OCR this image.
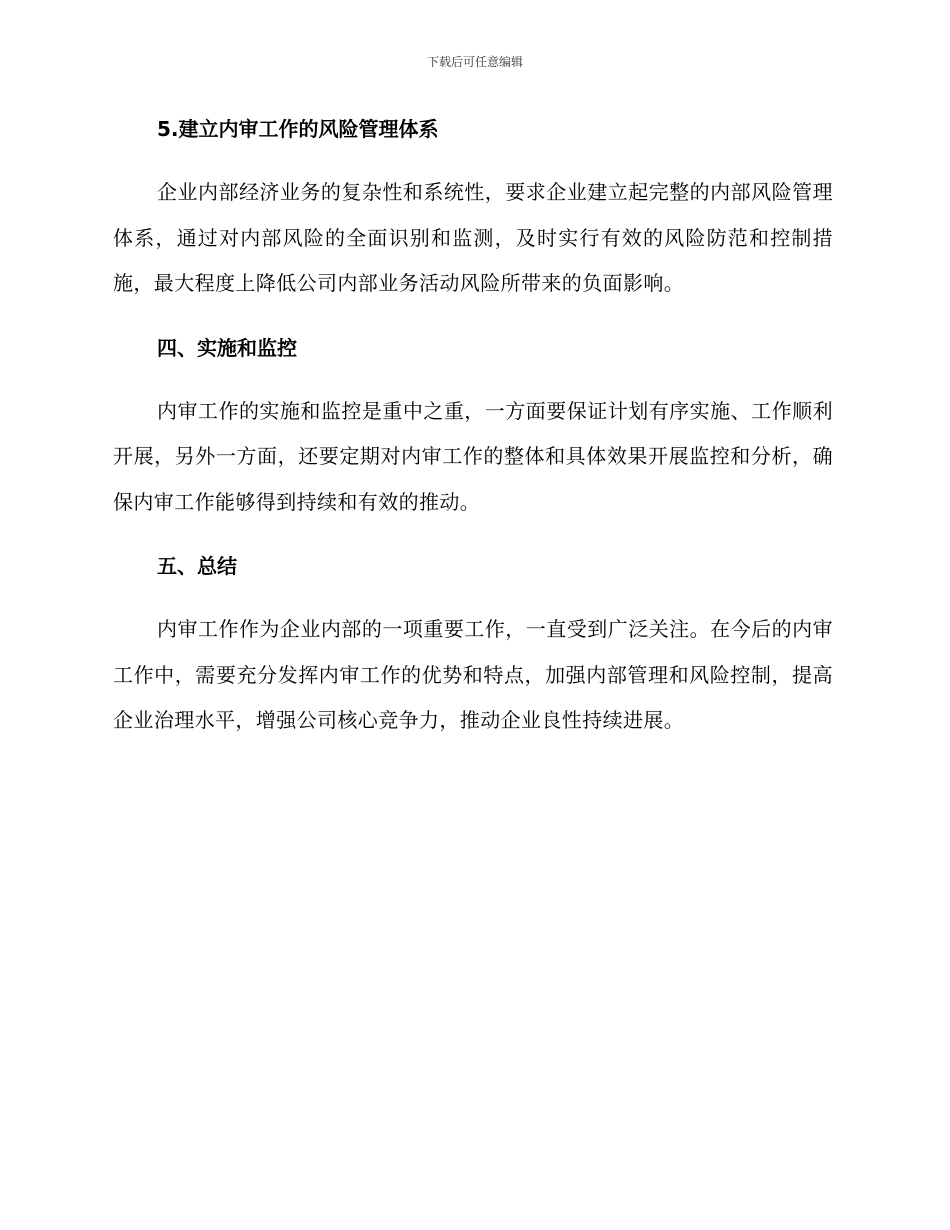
下载后可任意编辑
5.建立内审工作的风险管理体系

企业内部经济业务的复杂性和系统性，要求企业建立起完整的内部风险管理体系，通过对内部风险的全面识别和监测，及时实行有效的风险防范和控制措施，最大程度上降低公司内部业务活动风险所带来的负面影响。

四、实施和监控

内审工作的实施和监控是重中之重，一方面要保证计划有序实施、工作顺利开展，另外一方面，还要定期对内审工作的整体和具体效果开展监控和分析，确保内审工作能够得到持续和有效的推动。

五、总结

内审工作作为企业内部的一项重要工作，一直受到广泛关注。在今后的内审工作中，需要充分发挥内审工作的优势和特点，加强内部管理和风险控制，提高企业治理水平，增强公司核心竞争力，推动企业良性持续进展。
